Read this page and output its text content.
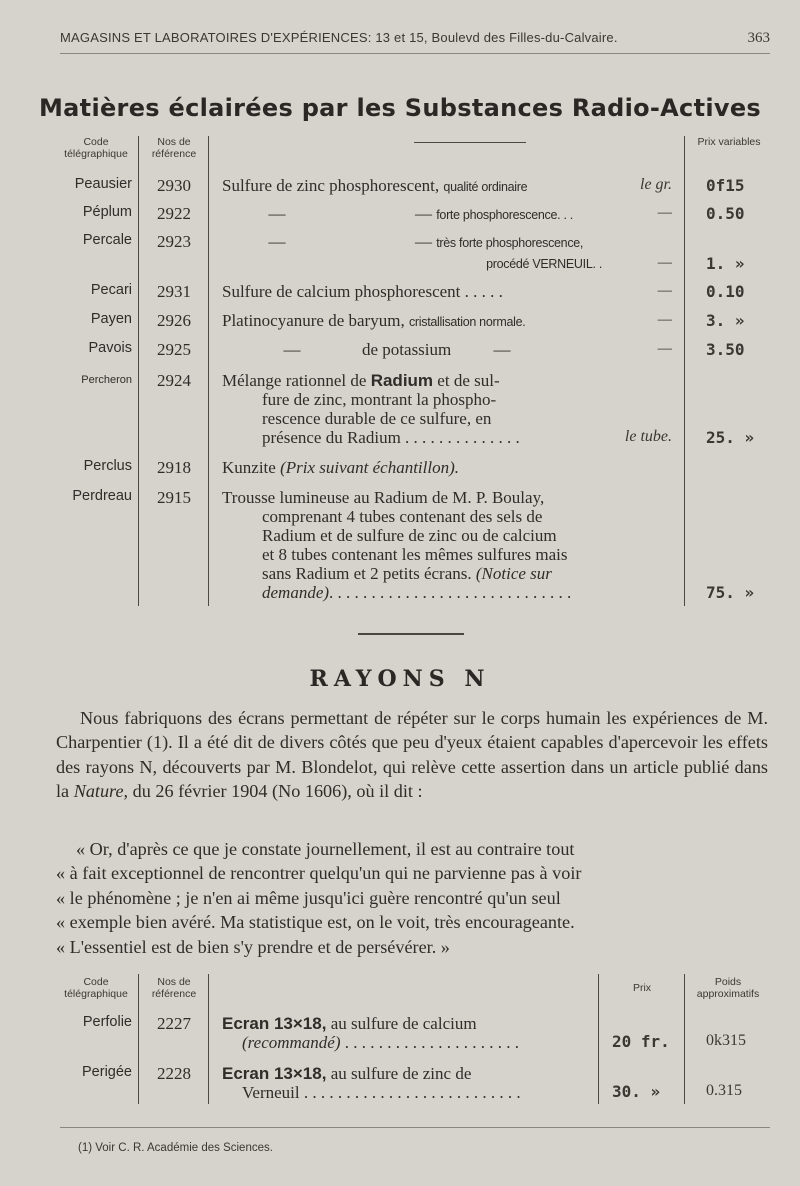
MAGASINS ET LABORATOIRES D'EXPÉRIENCES: 13 et 15, Boulevd des Filles-du-Calvaire.	363
Matières éclairées par les Substances Radio-Actives
Code télégraphique
Nos de référence
Prix variables
Peausier	2930	Sulfure de zinc phosphorescent, qualité ordinaire	le gr. 0f15
Péplum	2922	—	— forte phosphorescence. . .	— 0.50
Percale	2923	—	— très forte phosphorescence,
procédé VERNEUIL. .	— 1. »
Pecari	2931	Sulfure de calcium phosphorescent . . . . .	— 0.10
Payen	2926	Platinocyanure de baryum, cristallisation normale.	— 3. »
Pavois	2925	—	de potassium —	— 3.50
Percheron	2924	Mélange rationnel de Radium et de sul-
fure de zinc, montrant la phospho-
rescence durable de ce sulfure, en
présence du Radium . . . . . . . . . . . . . .	le tube. 25. »
Perclus	2918	Kunzite (Prix suivant échantillon).
Perdreau	2915	Trousse lumineuse au Radium de M. P. Boulay,
comprenant 4 tubes contenant des sels de
Radium et de sulfure de zinc ou de calcium
et 8 tubes contenant les mêmes sulfures mais
sans Radium et 2 petits écrans. (Notice sur
demande). . . . . . . . . . . . . . . . . . . . . . . . . . . . .	75. »
RAYONS N

Nous fabriquons des écrans permettant de répéter sur le corps humain les expériences de M. Charpentier (1). Il a été dit de divers côtés que peu d'yeux étaient capables d'apercevoir les effets des rayons N, découverts par M. Blondelot, qui relève cette assertion dans un article publié dans la Nature, du 26 février 1904 (No 1606), où il dit :

« Or, d'après ce que je constate journellement, il est au contraire tout
« à fait exceptionnel de rencontrer quelqu'un qui ne parvienne pas à voir
« le phénomène ; je n'en ai même jusqu'ici guère rencontré qu'un seul
« exemple bien avéré. Ma statistique est, on le voit, très encourageante.
« L'essentiel est de bien s'y prendre et de persévérer. »
Code télégraphique
Nos de référence	Prix	Poids approximatifs
Perfolie	2227	Ecran 13×18, au sulfure de calcium
(recommandé) . . . . . . . . . . . . . . . . . . . . .	20 fr.	0k315
Perigée	2228	Ecran 13×18, au sulfure de zinc de
Verneuil . . . . . . . . . . . . . . . . . . . . . . . . . .	30. »	0.315
(1) Voir C. R. Académie des Sciences.
